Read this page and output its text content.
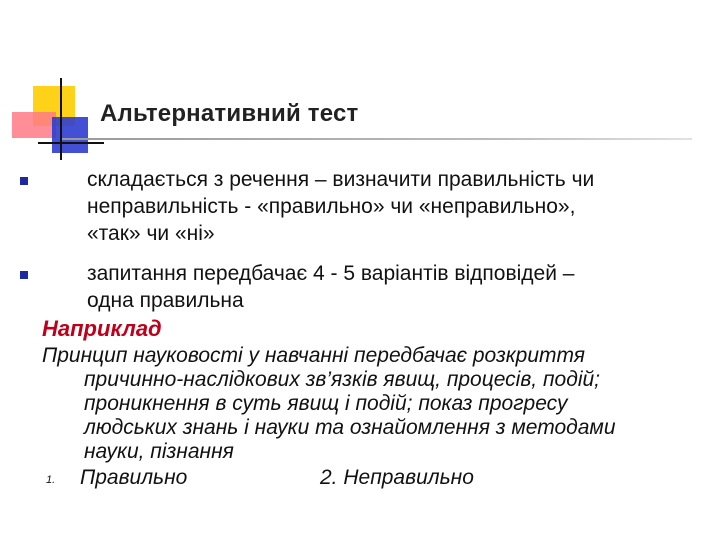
Альтернативний тест
складається з речення – визначити правильність чи
неправильність - «правильно» чи «неправильно»,
«так» чи «ні»
запитання передбачає 4 - 5 варіантів відповідей –
одна правильна
Наприклад
Принцип науковості у навчанні передбачає розкриття
причинно-наслідкових зв’язків явищ, процесів, подій;
проникнення в суть явищ і подій; показ прогресу
людських знань і науки та ознайомлення з методами
науки, пізнання
1. Правильно	2. Неправильно
